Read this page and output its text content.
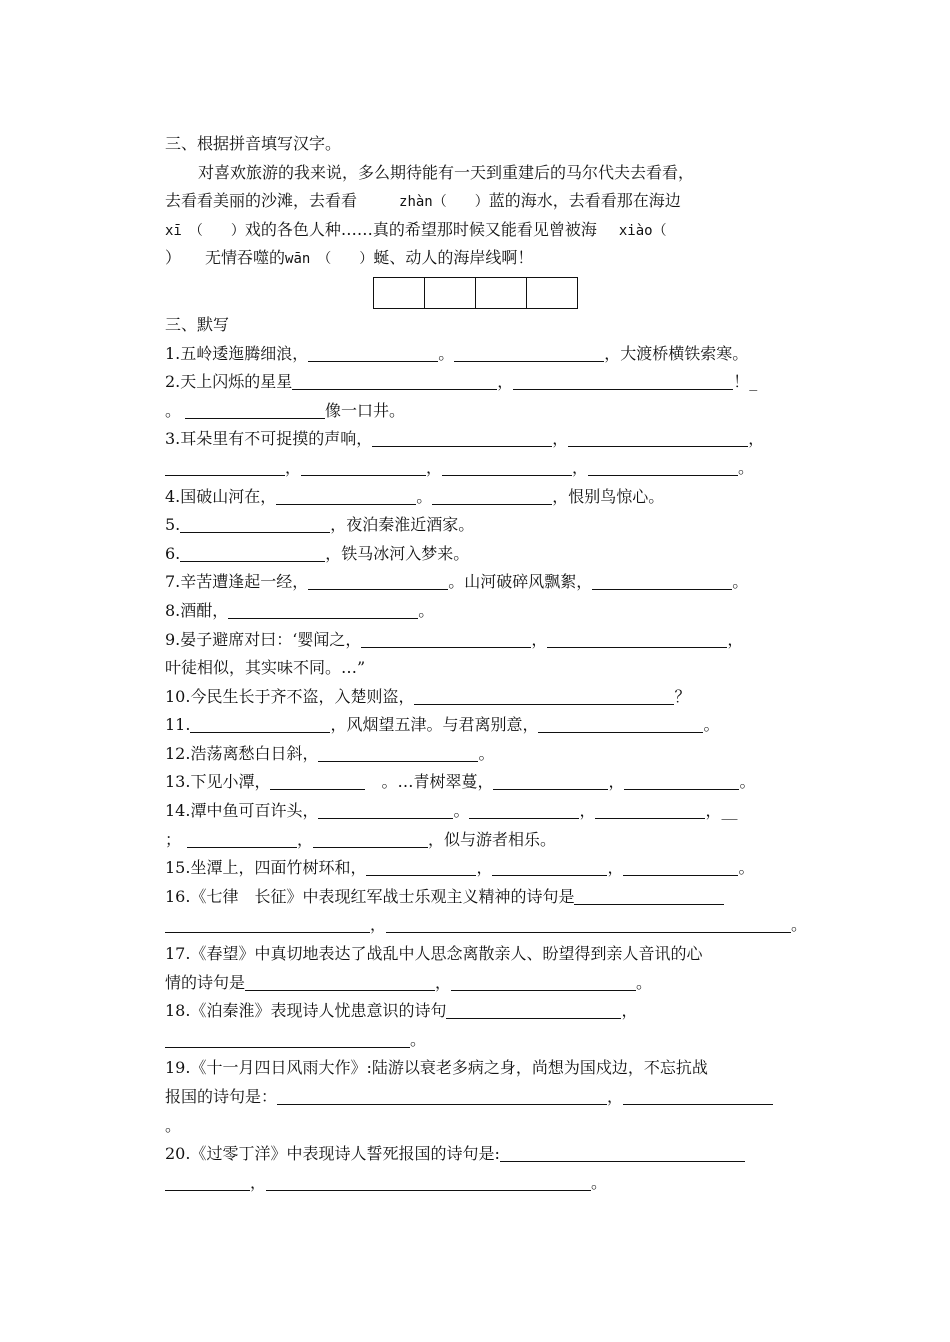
三、根据拼音填写汉字。
对喜欢旅游的我来说，多么期待能有一天到重建后的马尔代夫去看看，
去看看美丽的沙滩，去看看	zhàn（　　）蓝的海水，去看看那在海边
xī　（　　）戏的各色人种……真的希望那时候又能看见曾被海 xiào（
）　　无情吞噬的wān　（　　）蜒、动人的海岸线啊！
三、默写
1.五岭逶迤腾细浪，	。	，大渡桥横铁索寒。
2.天上闪烁的星星	，	！_
。	像一口井。
3.耳朵里有不可捉摸的声响，	，	，
，	，	，	。
4.国破山河在，	。	，恨别鸟惊心。
5.	，夜泊秦淮近酒家。
6.	，铁马冰河入梦来。
7.辛苦遭逢起一经，	。山河破碎风飘絮，	。
8.酒酣，	。
9.晏子避席对曰：‘婴闻之，	，	，
叶徒相似，其实味不同。…”
10.今民生长于齐不盗，入楚则盗，	？
11.	，风烟望五津。与君离别意，	。
12.浩荡离愁白日斜，	。
13.下见小潭，	　。…青树翠蔓，	，	。
14.潭中鱼可百许头，	。	，	，__
；	，	，似与游者相乐。
15.坐潭上，四面竹树环和，	，	，	。
16.《七律　长征》中表现红军战士乐观主义精神的诗句是
，	。
17.《春望》中真切地表达了战乱中人思念离散亲人、盼望得到亲人音讯的心
情的诗句是	，	。
18.《泊秦淮》表现诗人忧患意识的诗句	，
。
19.《十一月四日风雨大作》:陆游以衰老多病之身，尚想为国戍边，不忘抗战
报国的诗句是：	，
。
20.《过零丁洋》中表现诗人誓死报国的诗句是:
，	。
